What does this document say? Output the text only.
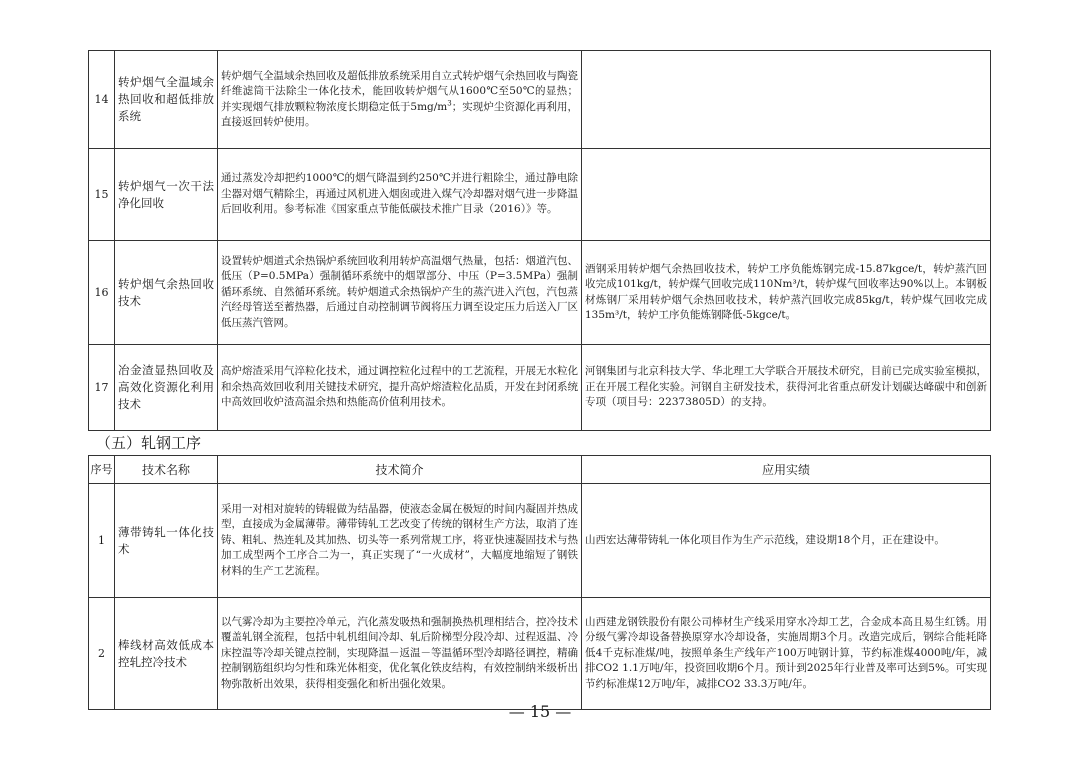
14	转炉烟气全温域余热回收和超低排放系统	转炉烟气全温域余热回收及超低排放系统采用自立式转炉烟气余热回收与陶瓷纤维滤筒干法除尘一体化技术，能回收转炉烟气从1600℃至50℃的显热；并实现烟气排放颗粒物浓度长期稳定低于$5mg/m^3$；实现炉尘资源化再利用，直接返回转炉使用。	
15	转炉烟气一次干法净化回收	通过蒸发冷却把约1000℃的烟气降温到约250℃并进行粗除尘，通过静电除尘器对烟气精除尘，再通过风机进入烟囱或进入煤气冷却器对烟气进一步降温后回收利用。参考标准《国家重点节能低碳技术推广目录（2016）》等。	
16	转炉烟气余热回收技术	设置转炉烟道式余热锅炉系统回收利用转炉高温烟气热量，包括：烟道汽包、低压（P=0.5MPa）强制循环系统中的烟罩部分、中压（P=3.5MPa）强制循环系统、自然循环系统。转炉烟道式余热锅炉产生的蒸汽进入汽包，汽包蒸汽经母管送至蓄热器，后通过自动控制调节阀将压力调至设定压力后送入厂区低压蒸汽管网。	酒钢采用转炉烟气余热回收技术，转炉工序负能炼钢完成-15.87kgce/t，转炉蒸汽回收完成101kg/t，转炉煤气回收完成110Nm³/t，转炉煤气回收率达90%以上。本钢板材炼钢厂采用转炉烟气余热回收技术，转炉蒸汽回收完成85kg/t，转炉煤气回收完成135m³/t，转炉工序负能炼钢降低-5kgce/t。
17	冶金渣显热回收及高效化资源化利用技术	高炉熔渣采用气淬粒化技术，通过调控粒化过程中的工艺流程，开展无水粒化和余热高效回收利用关键技术研究，提升高炉熔渣粒化品质，开发在封闭系统中高效回收炉渣高温余热和热能高价值利用技术。	河钢集团与北京科技大学、华北理工大学联合开展技术研究，目前已完成实验室模拟，正在开展工程化实验。河钢自主研发技术，获得河北省重点研发计划碳达峰碳中和创新专项（项目号：22373805D）的支持。
（五）轧钢工序
序号	技术名称	技术简介	应用实绩
1	薄带铸轧一体化技术	采用一对相对旋转的铸辊做为结晶器，使液态金属在极短的时间内凝固并热成型，直接成为金属薄带。薄带铸轧工艺改变了传统的钢材生产方法，取消了连铸、粗轧、热连轧及其加热、切头等一系列常规工序，将亚快速凝固技术与热加工成型两个工序合二为一，真正实现了“一火成材”，大幅度地缩短了钢铁材料的生产工艺流程。	山西宏达薄带铸轧一体化项目作为生产示范线，建设期18个月，正在建设中。
2	棒线材高效低成本控轧控冷技术	以气雾冷却为主要控冷单元，汽化蒸发吸热和强制换热机理相结合，控冷技术覆盖轧钢全流程，包括中轧机组间冷却、轧后阶梯型分段冷却、过程返温、冷床控温等冷却关键点控制，实现降温－返温－等温循环型冷却路径调控，精确控制钢筋组织均匀性和珠光体相变，优化氧化铁皮结构，有效控制纳米级析出物弥散析出效果，获得相变强化和析出强化效果。	山西建龙钢铁股份有限公司棒材生产线采用穿水冷却工艺，合金成本高且易生红锈。用分级气雾冷却设备替换原穿水冷却设备，实施周期3个月。改造完成后，钢综合能耗降低4千克标准煤/吨，按照单条生产线年产100万吨钢计算，节约标准煤4000吨/年，减排CO2 1.1万吨/年，投资回收期6个月。预计到2025年行业普及率可达到5%。可实现节约标准煤12万吨/年，减排CO2 33.3万吨/年。
— 15 —
